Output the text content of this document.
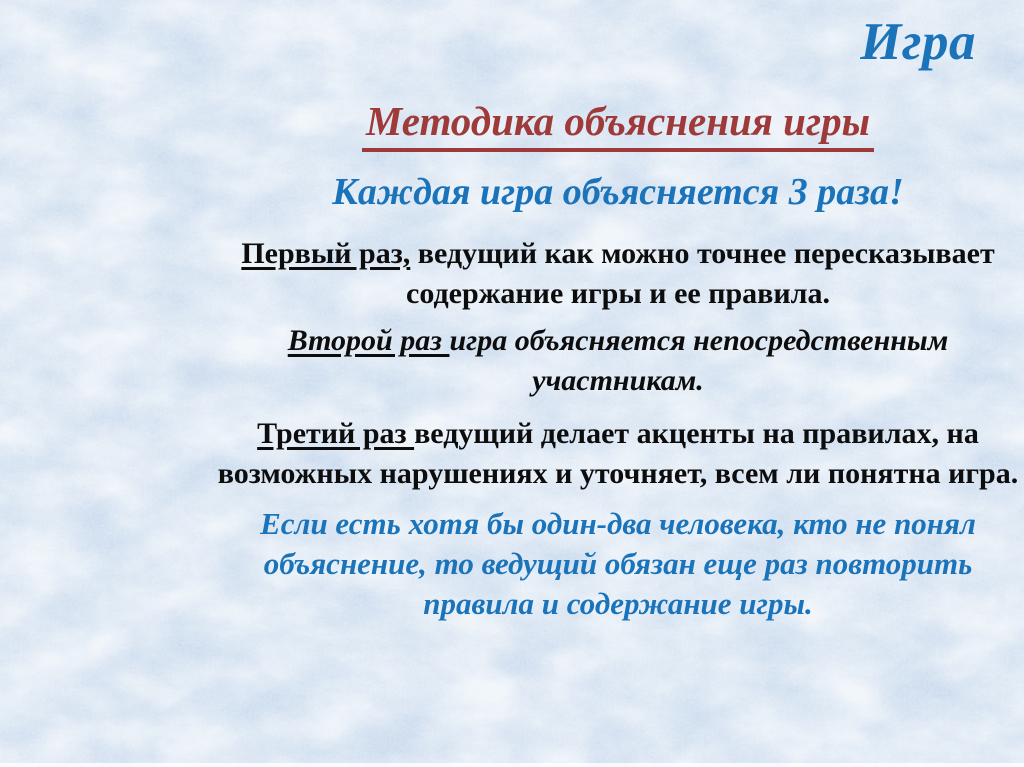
Игра
Методика объяснения игры
Каждая игра объясняется 3 раза!

Первый раз, ведущий как можно точнее пересказывает содержание игры и ее правила.

Второй раз игра объясняется непосредственным участникам.

Третий раз ведущий делает акценты на правилах, на возможных нарушениях и уточняет, всем ли понятна игра.

Если есть хотя бы один-два человека, кто не понял объяснение, то ведущий обязан еще раз повторить правила и содержание игры.
